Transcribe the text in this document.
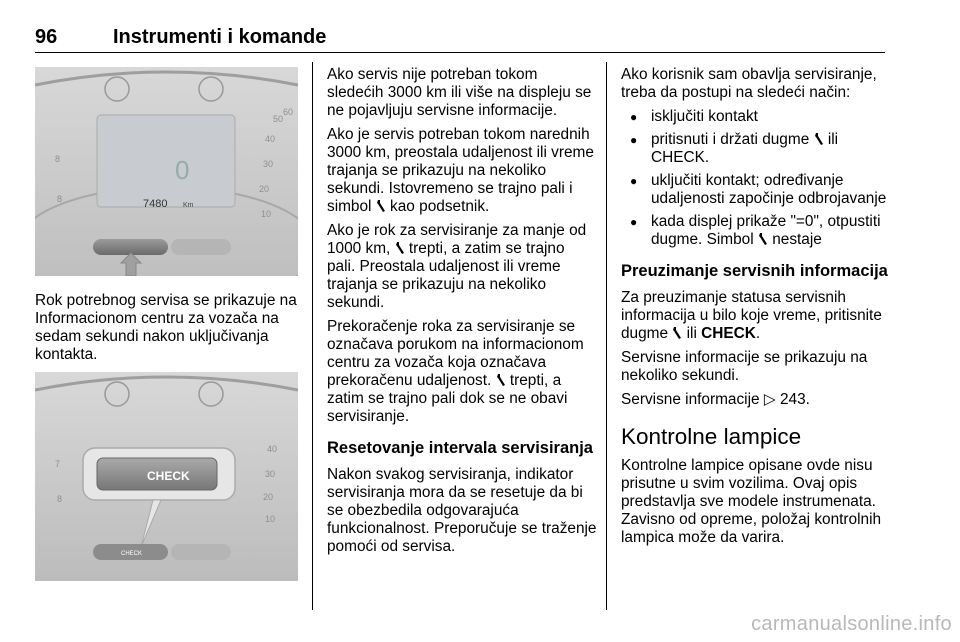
96	Instrumenti i komande
0
7480 Km
8
8
40
30
20
10
50
60
Rok potrebnog servisa se prikazuje na Informacionom centru za vozača na sedam sekundi nakon uključivanja kontakta.
7
8
40
30
20
10
CHECK
CHECK

Ako servis nije potreban tokom sledećih 3000 km ili više na displeju se ne pojavljuju servisne informacije.

Ako je servis potreban tokom narednih 3000 km, preostala udaljenost ili vreme trajanja se prikazuju na nekoliko sekundi. Istovremeno se trajno pali i simbol kao podsetnik.

Ako je rok za servisiranje za manje od 1000 km, trepti, a zatim se trajno pali. Preostala udaljenost ili vreme trajanja se prikazuju na nekoliko sekundi.

Prekoračenje roka za servisiranje se označava porukom na informacionom centru za vozača koja označava prekoračenu udaljenost. trepti, a zatim se trajno pali dok se ne obavi servisiranje.

Resetovanje intervala servisiranja

Nakon svakog servisiranja, indikator servisiranja mora da se resetuje da bi se obezbedila odgovarajuća funkcionalnost. Preporučuje se traženje pomoći od servisa.

Ako korisnik sam obavlja servisiranje, treba da postupi na sledeći način:

● isključiti kontakt
● pritisnuti i držati dugme ili CHECK.
● uključiti kontakt; određivanje udaljenosti započinje odbrojavanje
● kada displej prikaže "=0", otpustiti dugme. Simbol nestaje
Preuzimanje servisnih informacija

Za preuzimanje statusa servisnih informacija u bilo koje vreme, pritisnite dugme ili CHECK.

Servisne informacije se prikazuju na nekoliko sekundi.

Servisne informacije ▷ 243.

Kontrolne lampice

Kontrolne lampice opisane ovde nisu prisutne u svim vozilima. Ovaj opis predstavlja sve modele instrumenata. Zavisno od opreme, položaj kontrolnih lampica može da varira.

carmanualsonline.info
